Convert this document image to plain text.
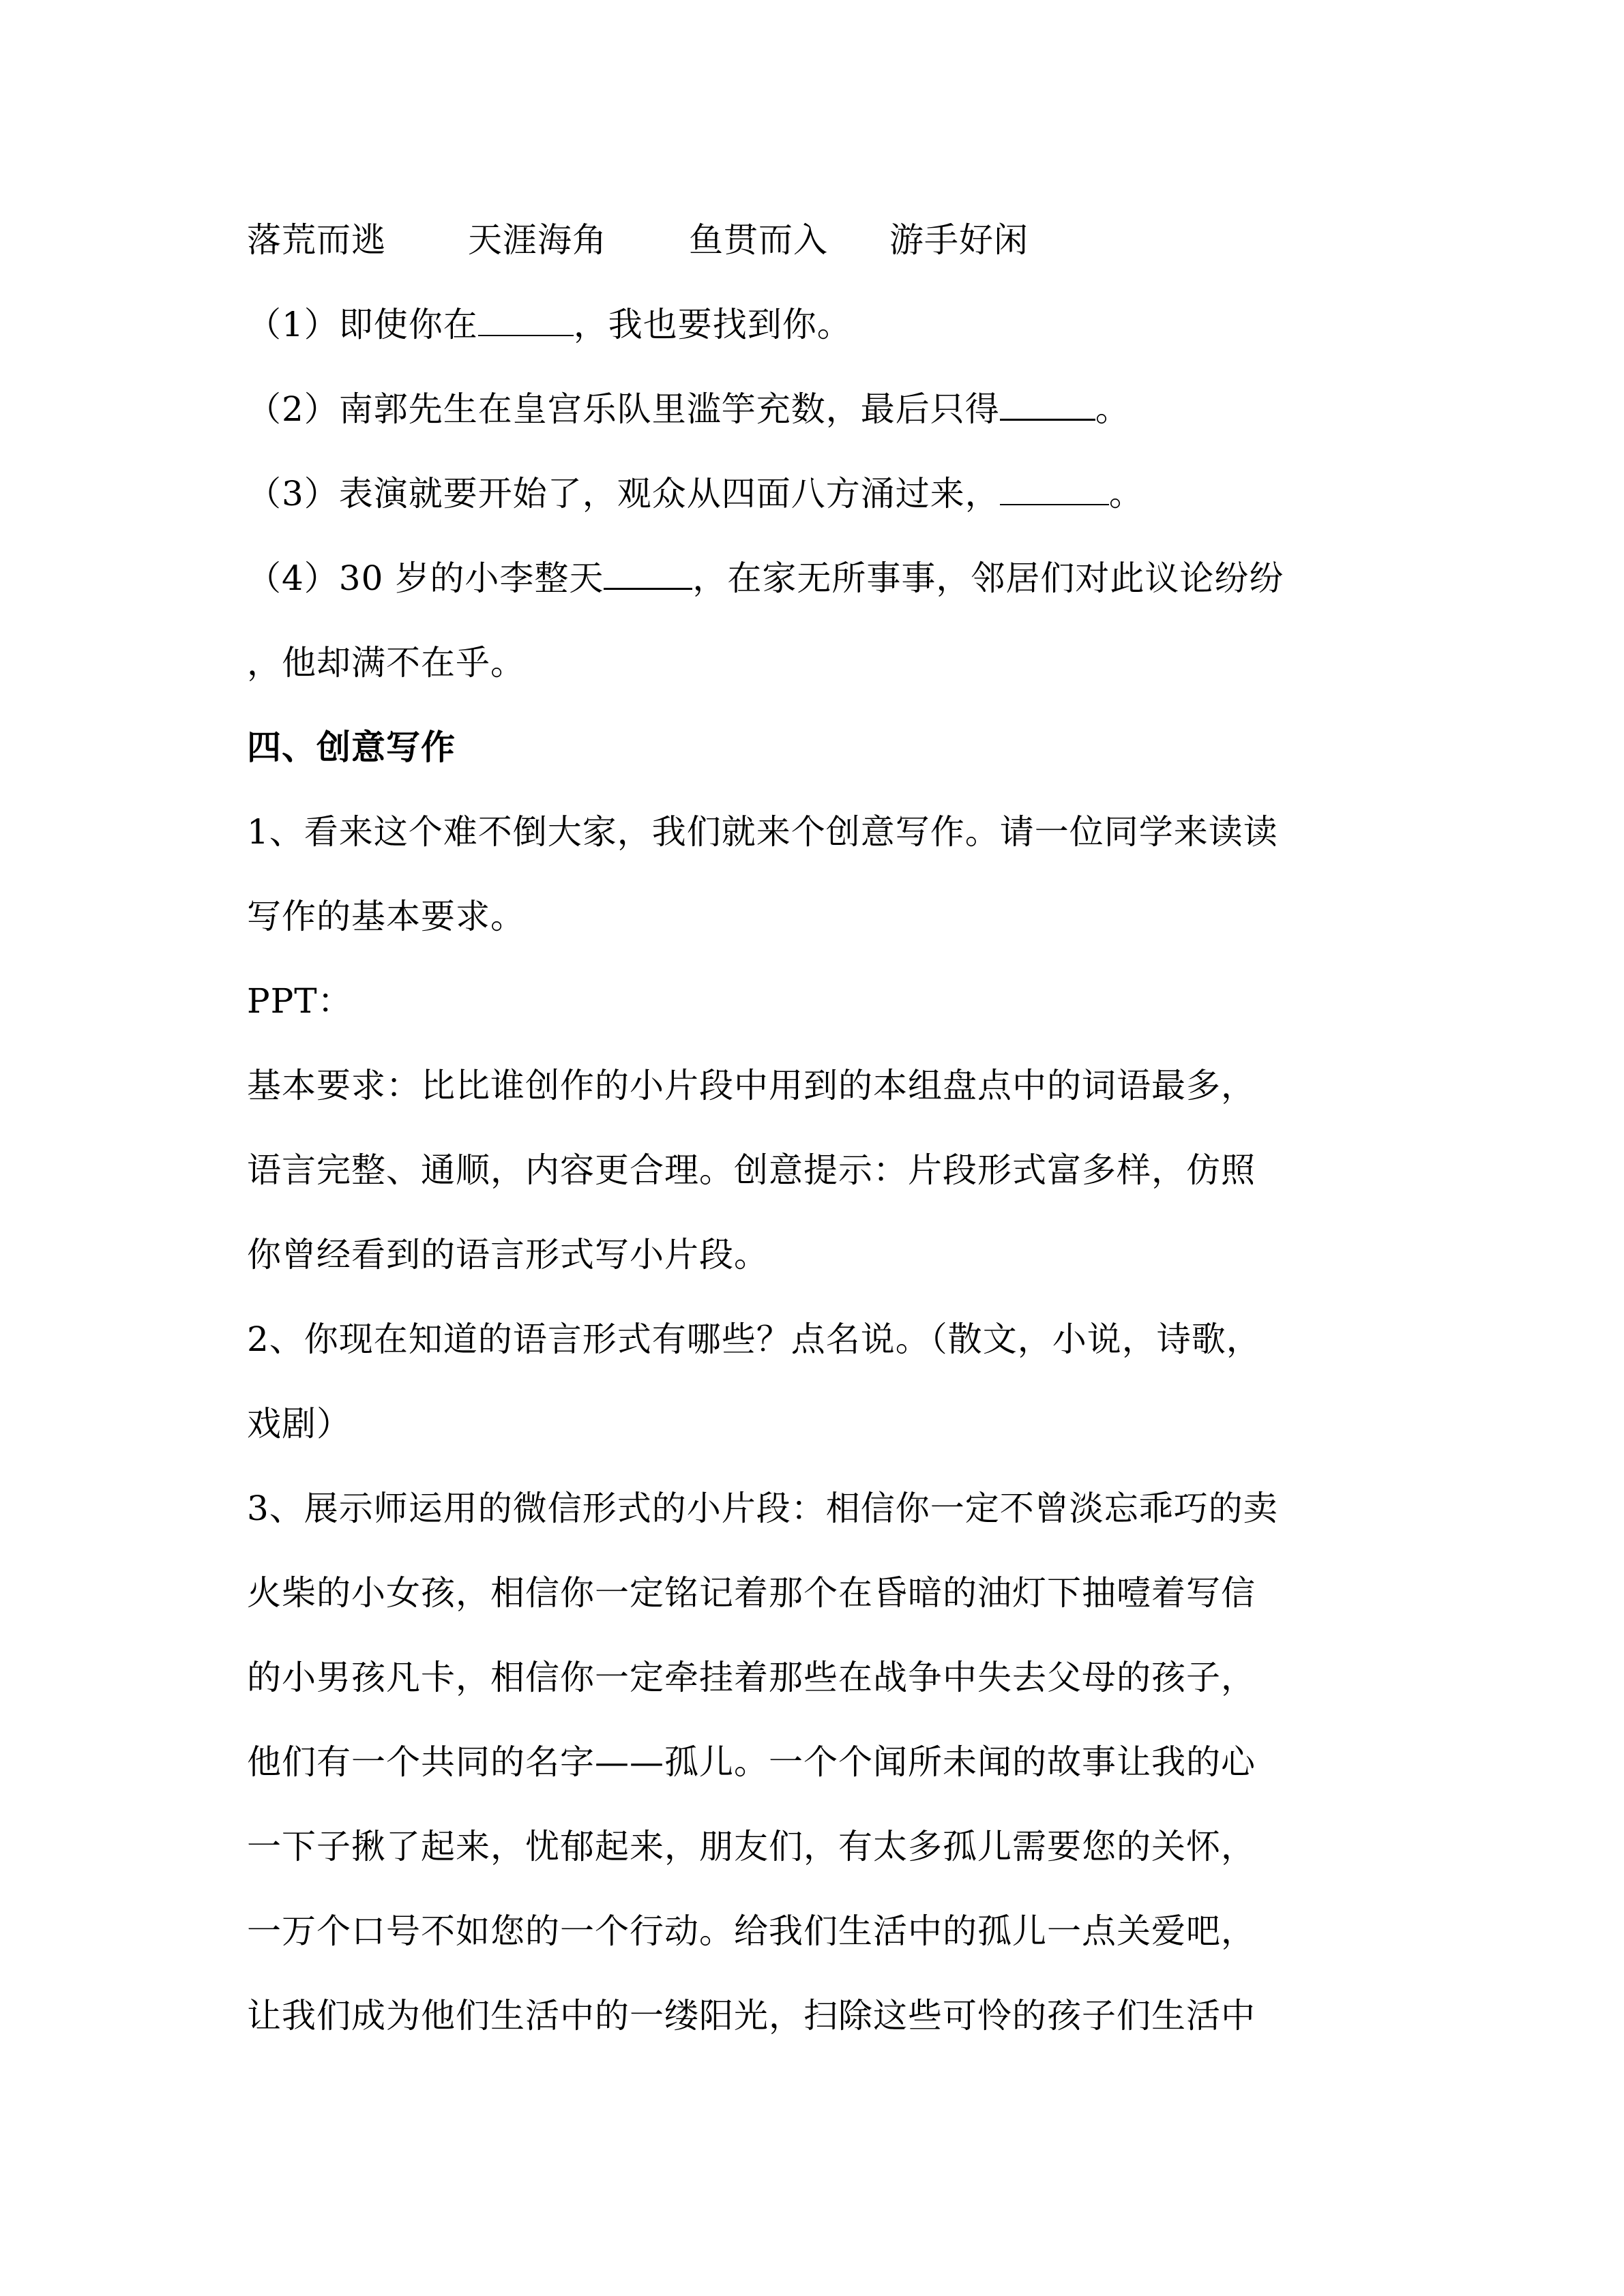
落荒而逃 天涯海角 鱼贯而入 游手好闲
（1）即使你在	，我也要找到你。
（2）南郭先生在皇宫乐队里滥竽充数，最后只得	。
（3）表演就要开始了，观众从四面八方涌过来，	。
（4）30 岁的小李整天	，在家无所事事，邻居们对此议论纷纷
，他却满不在乎。
四、创意写作
1、看来这个难不倒大家，我们就来个创意写作。请一位同学来读读
写作的基本要求。
PPT：
基本要求：比比谁创作的小片段中用到的本组盘点中的词语最多，
语言完整、通顺，内容更合理。创意提示：片段形式富多样，仿照
你曾经看到的语言形式写小片段。
2、你现在知道的语言形式有哪些？点名说。（散文，小说，诗歌，
戏剧）
3、展示师运用的微信形式的小片段：相信你一定不曾淡忘乖巧的卖
火柴的小女孩，相信你一定铭记着那个在昏暗的油灯下抽噎着写信
的小男孩凡卡，相信你一定牵挂着那些在战争中失去父母的孩子，
他们有一个共同的名字——孤儿。一个个闻所未闻的故事让我的心
一下子揪了起来，忧郁起来，朋友们，有太多孤儿需要您的关怀，
一万个口号不如您的一个行动。给我们生活中的孤儿一点关爱吧，
让我们成为他们生活中的一缕阳光，扫除这些可怜的孩子们生活中
